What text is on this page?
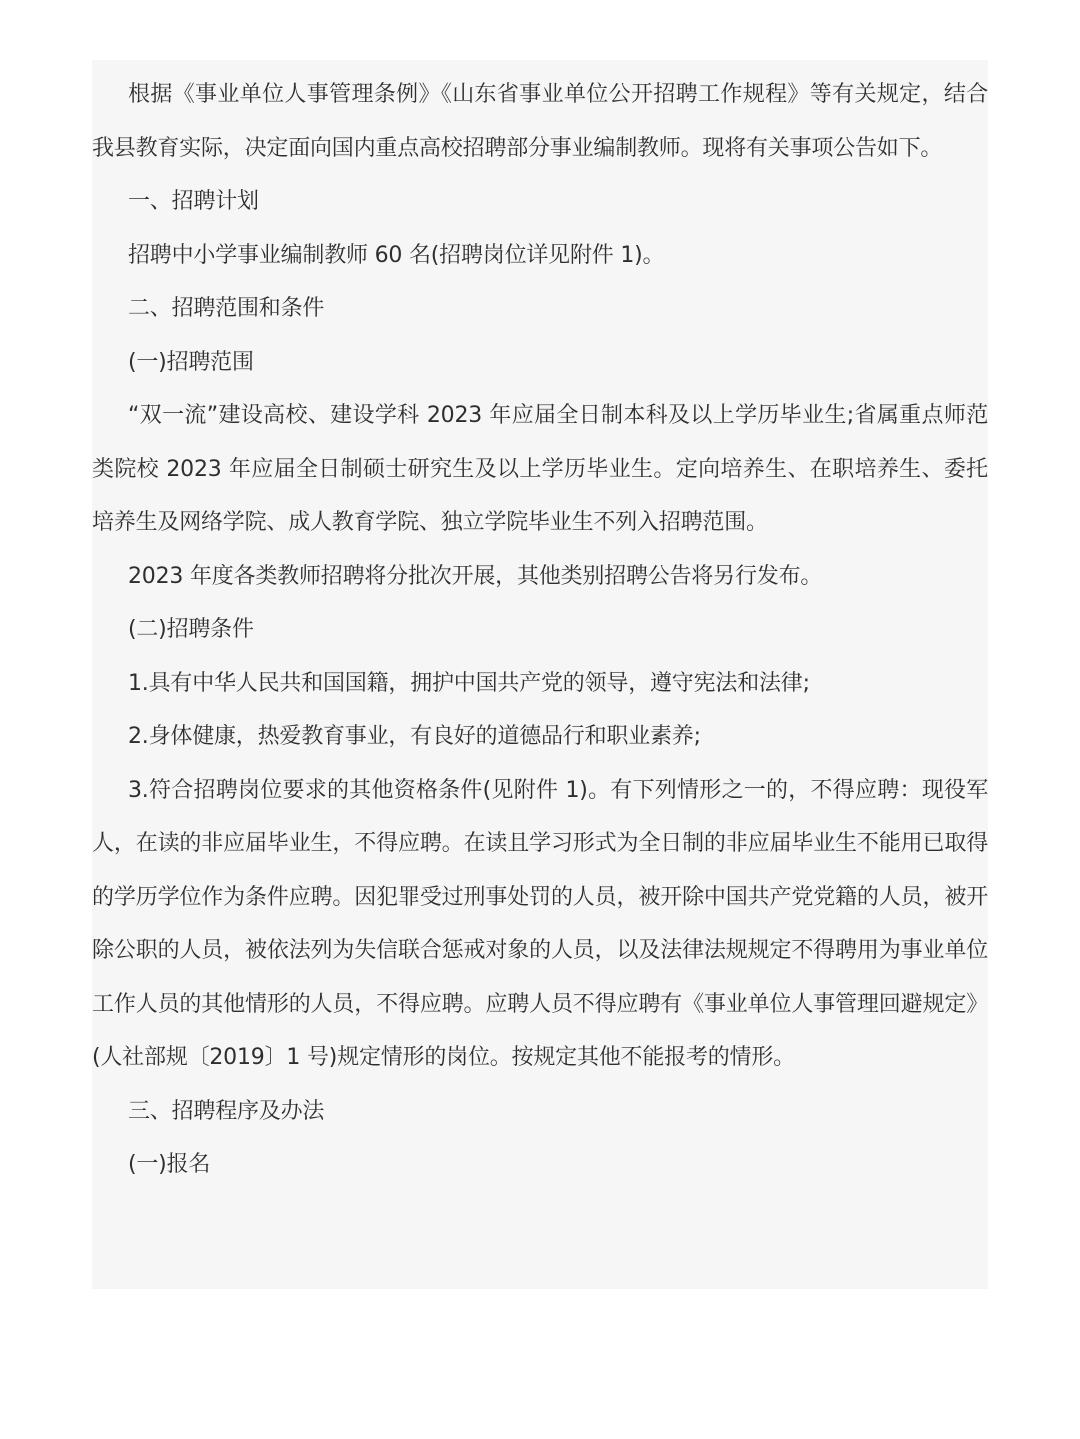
根据《事业单位人事管理条例》《山东省事业单位公开招聘工作规程》等有关规定，结合我县教育实际，决定面向国内重点高校招聘部分事业编制教师。现将有关事项公告如下。

一、招聘计划

招聘中小学事业编制教师 60 名(招聘岗位详见附件 1)。

二、招聘范围和条件

(一)招聘范围

“双一流”建设高校、建设学科 2023 年应届全日制本科及以上学历毕业生;省属重点师范类院校 2023 年应届全日制硕士研究生及以上学历毕业生。定向培养生、在职培养生、委托培养生及网络学院、成人教育学院、独立学院毕业生不列入招聘范围。

2023 年度各类教师招聘将分批次开展，其他类别招聘公告将另行发布。

(二)招聘条件

1.具有中华人民共和国国籍，拥护中国共产党的领导，遵守宪法和法律;

2.身体健康，热爱教育事业，有良好的道德品行和职业素养;

3.符合招聘岗位要求的其他资格条件(见附件 1)。有下列情形之一的，不得应聘：现役军人，在读的非应届毕业生，不得应聘。在读且学习形式为全日制的非应届毕业生不能用已取得的学历学位作为条件应聘。因犯罪受过刑事处罚的人员，被开除中国共产党党籍的人员，被开除公职的人员，被依法列为失信联合惩戒对象的人员，以及法律法规规定不得聘用为事业单位工作人员的其他情形的人员，不得应聘。应聘人员不得应聘有《事业单位人事管理回避规定》(人社部规〔2019〕1 号)规定情形的岗位。按规定其他不能报考的情形。

三、招聘程序及办法

(一)报名
